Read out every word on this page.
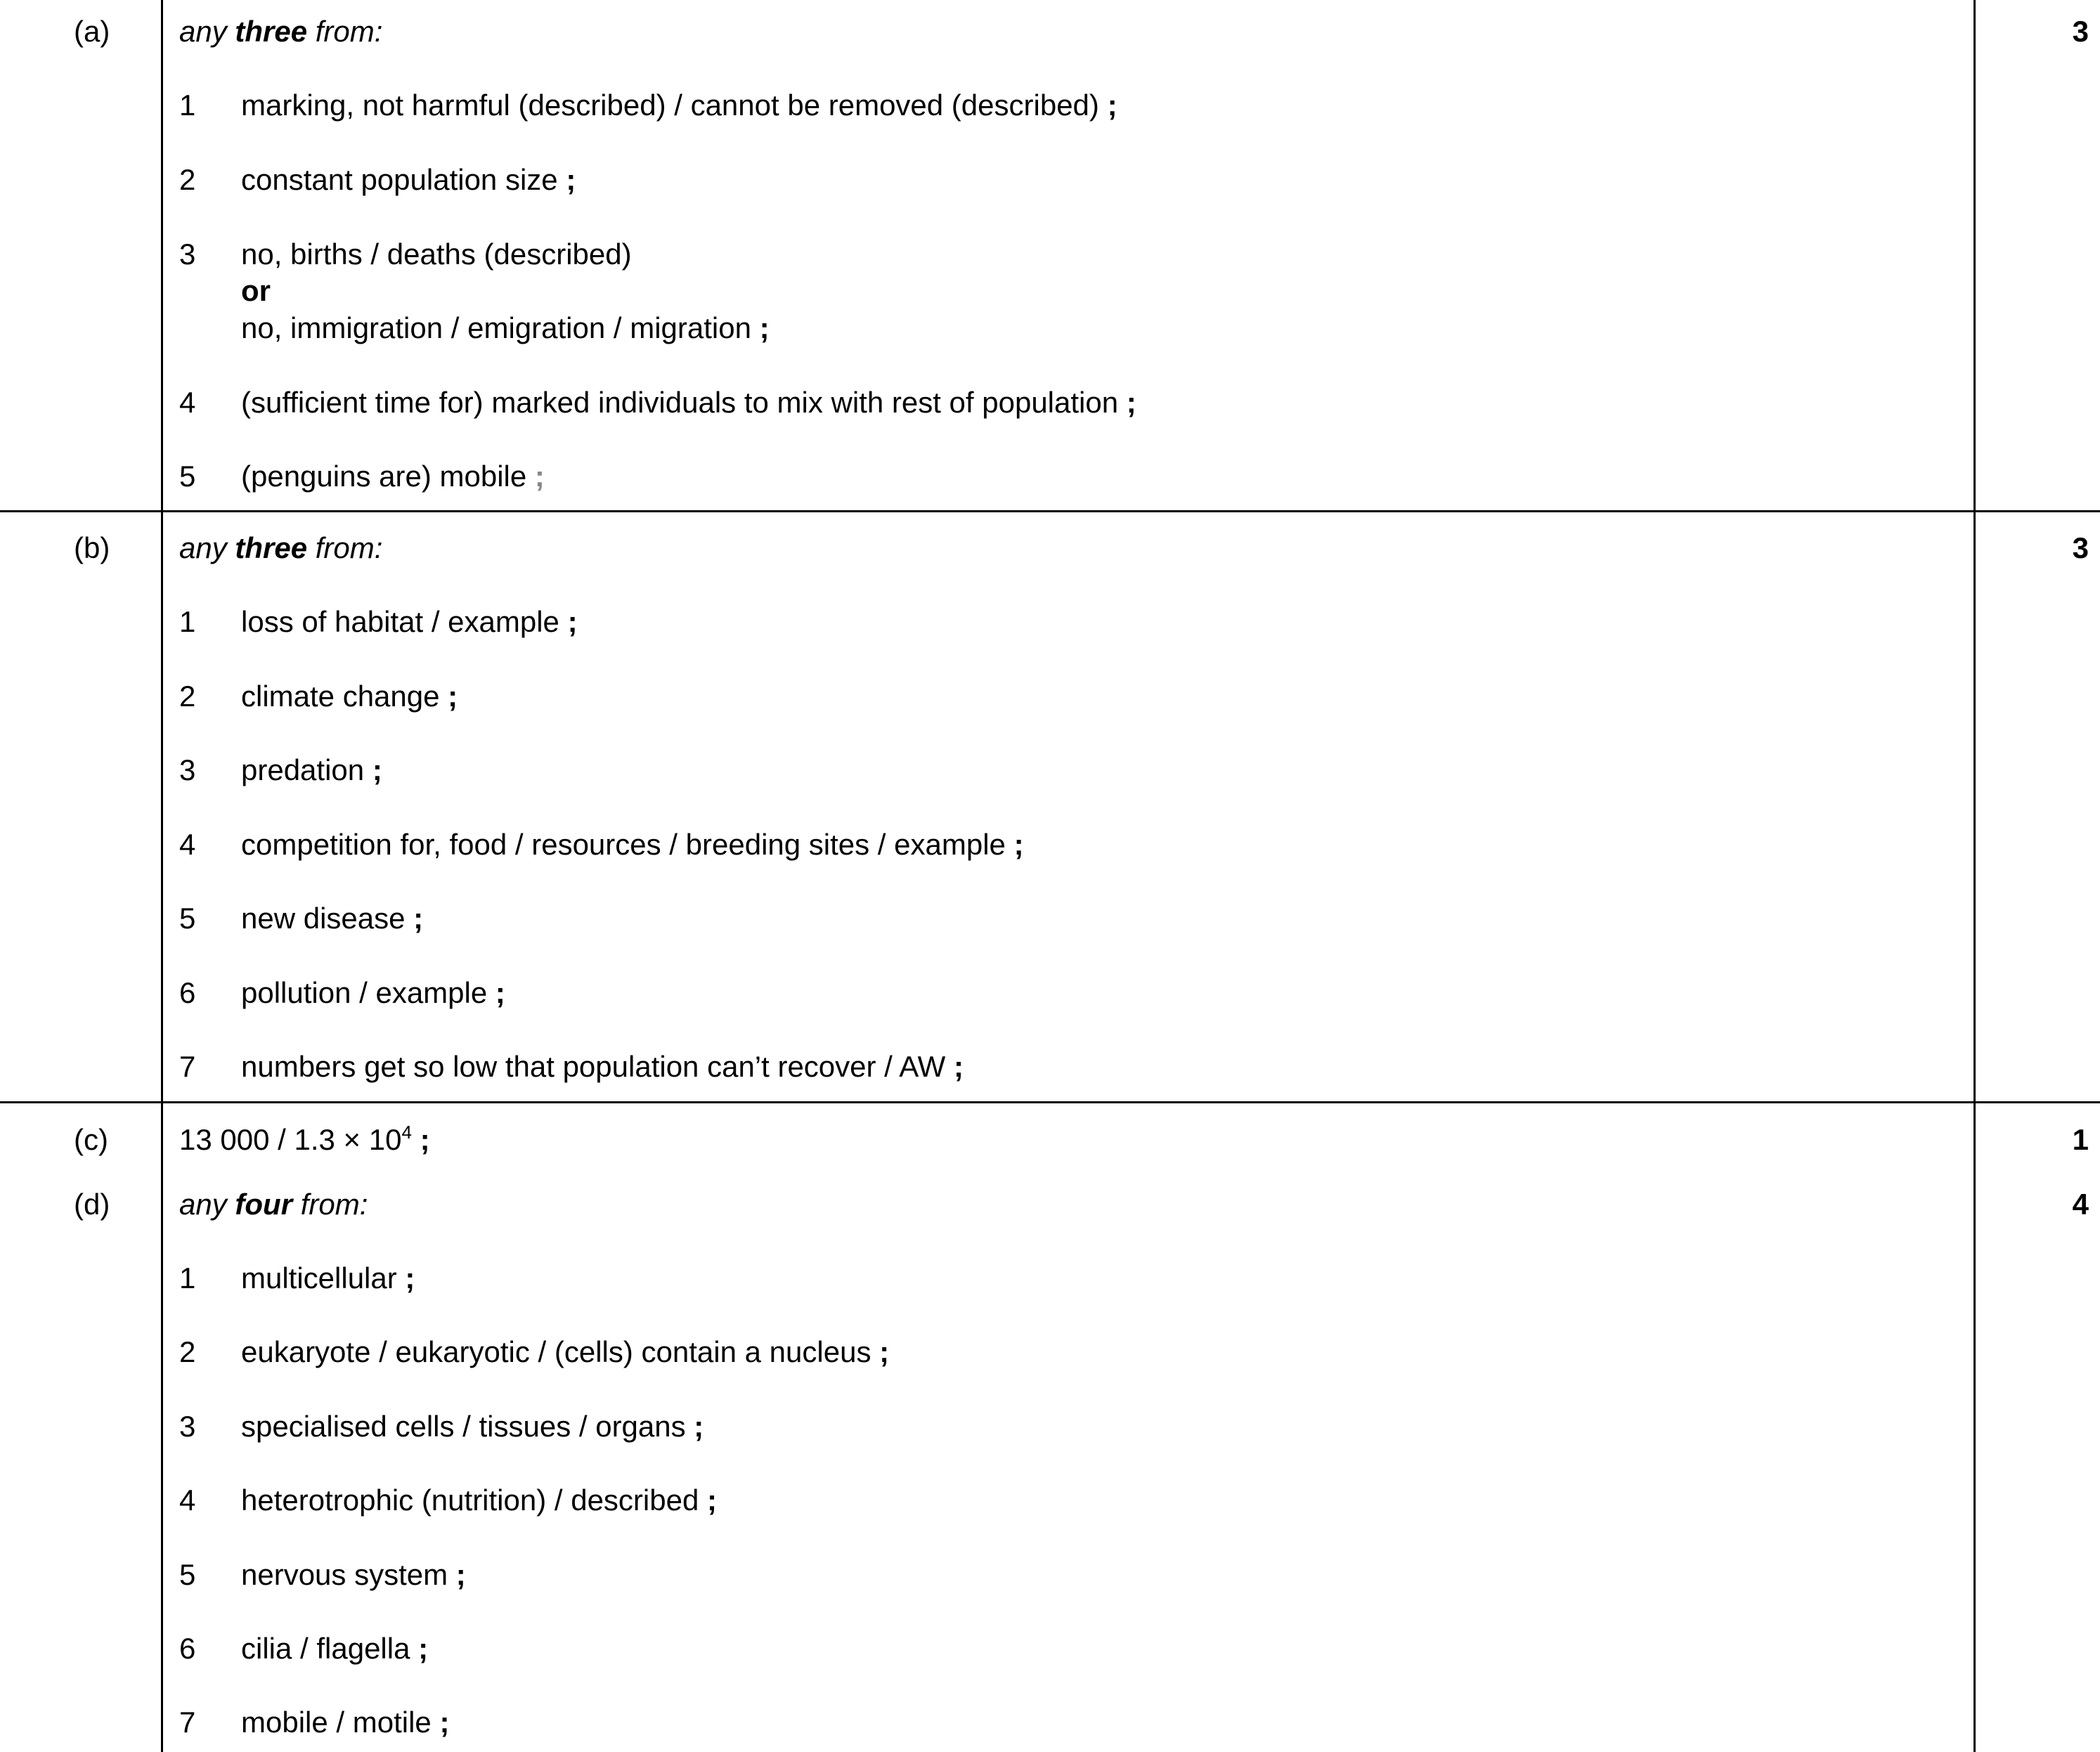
(a)	3
any three from:
1 marking, not harmful (described) / cannot be removed (described) ;
2 constant population size ;
3 no, births / deaths (described)
or
no, immigration / emigration / migration ;
4 (sufficient time for) marked individuals to mix with rest of population ;
5 (penguins are) mobile ;
(b)	3
any three from:
1 loss of habitat / example ;
2 climate change ;
3 predation ;
4 competition for, food / resources / breeding sites / example ;
5 new disease ;
6 pollution / example ;
7 numbers get so low that population can’t recover / AW ;
(c)	1
13 $000 / 1.3 \times 10^4$ ;
(d)	4
any four from:
1 multicellular ;
2 eukaryote / eukaryotic / (cells) contain a nucleus ;
3 specialised cells / tissues / organs ;
4 heterotrophic (nutrition) / described ;
5 nervous system ;
6 cilia / flagella ;
7 mobile / motile ;
